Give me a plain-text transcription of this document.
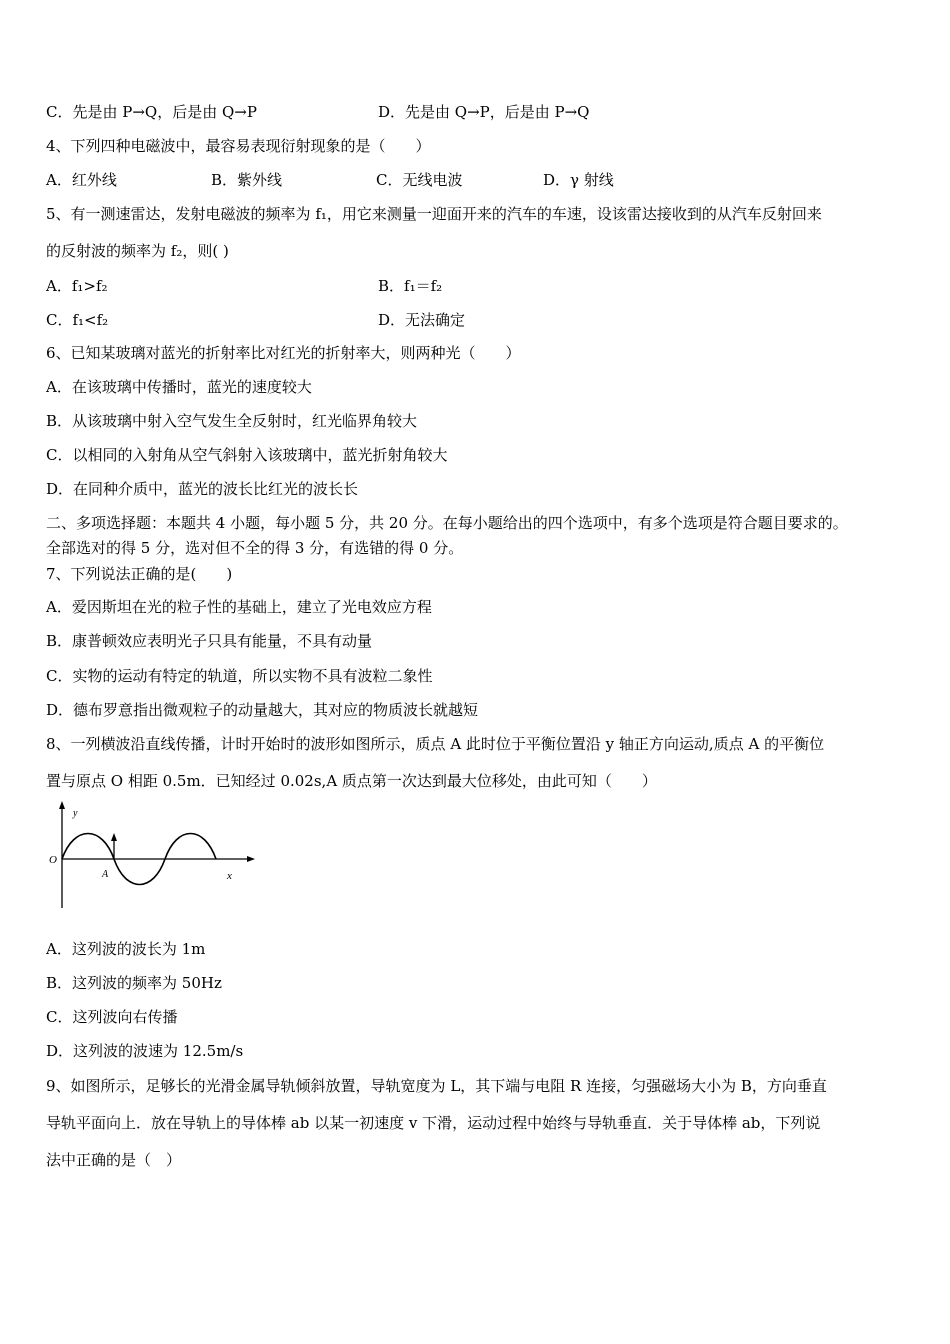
C．先是由 P→Q，后是由 Q→P	D．先是由 Q→P，后是由 P→Q
4、下列四种电磁波中，最容易表现衍射现象的是（　　）
A．红外线	B．紫外线	C．无线电波	D．γ 射线
5、有一测速雷达，发射电磁波的频率为 f₁，用它来测量一迎面开来的汽车的车速，设该雷达接收到的从汽车反射回来
的反射波的频率为 f₂，则( )
A．f₁>f₂	B．f₁＝f₂
C．f₁<f₂	D．无法确定
6、已知某玻璃对蓝光的折射率比对红光的折射率大，则两种光（　　）
A．在该玻璃中传播时，蓝光的速度较大
B．从该玻璃中射入空气发生全反射时，红光临界角较大
C．以相同的入射角从空气斜射入该玻璃中，蓝光折射角较大
D．在同种介质中，蓝光的波长比红光的波长长
二、多项选择题：本题共 4 小题，每小题 5 分，共 20 分。在每小题给出的四个选项中，有多个选项是符合题目要求的。
全部选对的得 5 分，选对但不全的得 3 分，有选错的得 0 分。
7、下列说法正确的是(　　)
A．爱因斯坦在光的粒子性的基础上，建立了光电效应方程
B．康普顿效应表明光子只具有能量，不具有动量
C．实物的运动有特定的轨道，所以实物不具有波粒二象性
D．德布罗意指出微观粒子的动量越大，其对应的物质波长就越短
8、一列横波沿直线传播，计时开始时的波形如图所示，质点 A 此时位于平衡位置沿 y 轴正方向运动,质点 A 的平衡位
置与原点 O 相距 0.5m．已知经过 0.02s,A 质点第一次达到最大位移处，由此可知（　　）
y
x
O
A
A．这列波的波长为 1m
B．这列波的频率为 50Hz
C．这列波向右传播
D．这列波的波速为 12.5m/s
9、如图所示，足够长的光滑金属导轨倾斜放置，导轨宽度为 L，其下端与电阻 R 连接，匀强磁场大小为 B，方向垂直
导轨平面向上．放在导轨上的导体棒 ab 以某一初速度 v 下滑，运动过程中始终与导轨垂直．关于导体棒 ab，下列说
法中正确的是（　）
